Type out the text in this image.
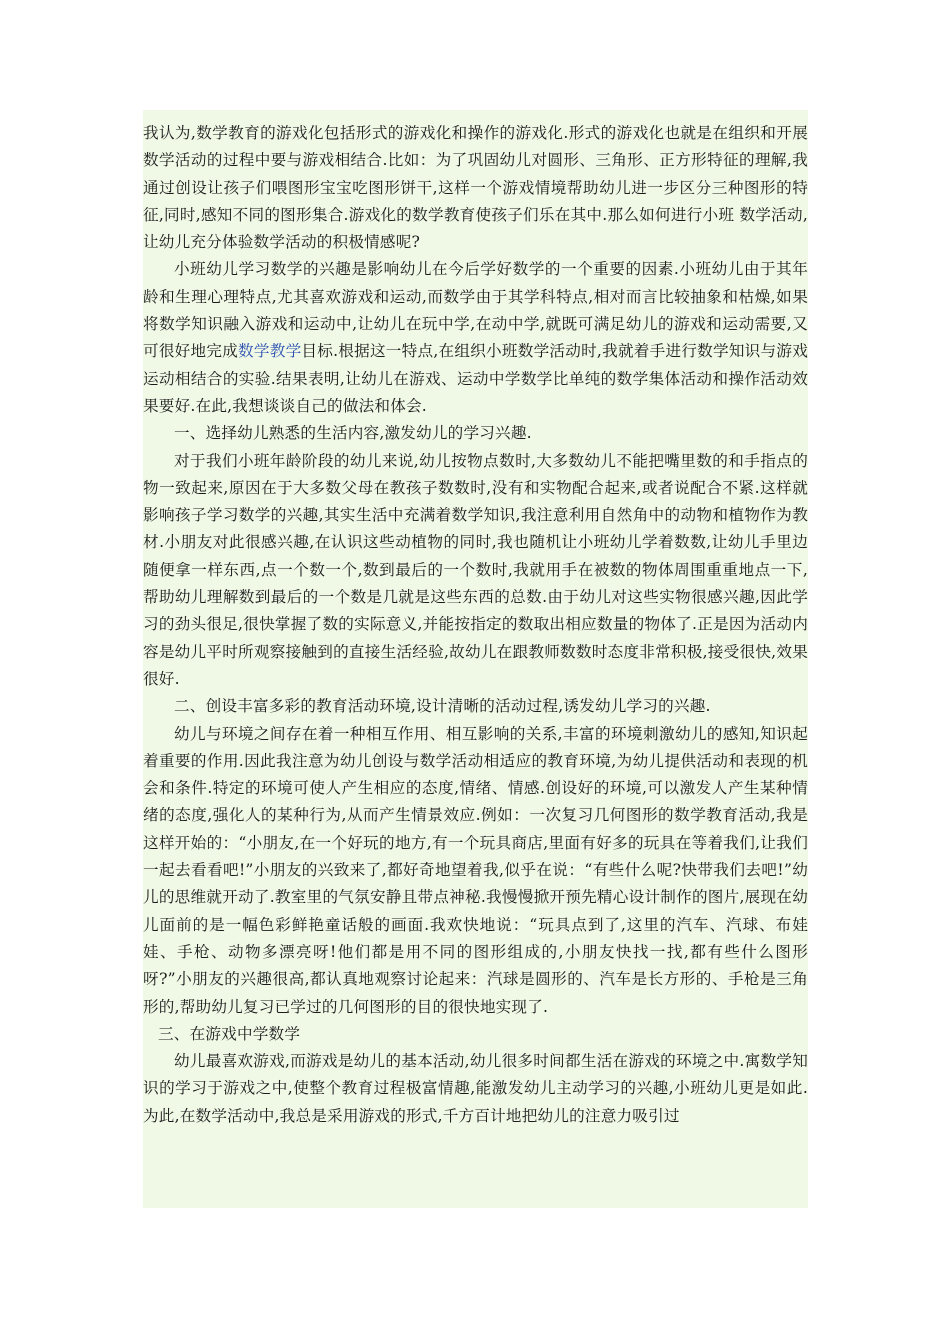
我认为,数学教育的游戏化包括形式的游戏化和操作的游戏化.形式的游戏化也就是在组织和开展数学活动的过程中要与游戏相结合.比如：为了巩固幼儿对圆形、三角形、正方形特征的理解,我通过创设让孩子们喂图形宝宝吃图形饼干,这样一个游戏情境帮助幼儿进一步区分三种图形的特征,同时,感知不同的图形集合.游戏化的数学教育使孩子们乐在其中.那么如何进行小班 数学活动,让幼儿充分体验数学活动的积极情感呢?

小班幼儿学习数学的兴趣是影响幼儿在今后学好数学的一个重要的因素.小班幼儿由于其年龄和生理心理特点,尤其喜欢游戏和运动,而数学由于其学科特点,相对而言比较抽象和枯燥,如果将数学知识融入游戏和运动中,让幼儿在玩中学,在动中学,就既可满足幼儿的游戏和运动需要,又可很好地完成数学教学目标.根据这一特点,在组织小班数学活动时,我就着手进行数学知识与游戏运动相结合的实验.结果表明,让幼儿在游戏、运动中学数学比单纯的数学集体活动和操作活动效果要好.在此,我想谈谈自己的做法和体会.

一、选择幼儿熟悉的生活内容,激发幼儿的学习兴趣.

对于我们小班年龄阶段的幼儿来说,幼儿按物点数时,大多数幼儿不能把嘴里数的和手指点的物一致起来,原因在于大多数父母在教孩子数数时,没有和实物配合起来,或者说配合不紧.这样就影响孩子学习数学的兴趣,其实生活中充满着数学知识,我注意利用自然角中的动物和植物作为教材.小朋友对此很感兴趣,在认识这些动植物的同时,我也随机让小班幼儿学着数数,让幼儿手里边随便拿一样东西,点一个数一个,数到最后的一个数时,我就用手在被数的物体周围重重地点一下,帮助幼儿理解数到最后的一个数是几就是这些东西的总数.由于幼儿对这些实物很感兴趣,因此学习的劲头很足,很快掌握了数的实际意义,并能按指定的数取出相应数量的物体了.正是因为活动内容是幼儿平时所观察接触到的直接生活经验,故幼儿在跟教师数数时态度非常积极,接受很快,效果很好.

二、创设丰富多彩的教育活动环境,设计清晰的活动过程,诱发幼儿学习的兴趣.

幼儿与环境之间存在着一种相互作用、相互影响的关系,丰富的环境刺激幼儿的感知,知识起着重要的作用.因此我注意为幼儿创设与数学活动相适应的教育环境,为幼儿提供活动和表现的机会和条件.特定的环境可使人产生相应的态度,情绪、情感.创设好的环境,可以激发人产生某种情绪的态度,强化人的某种行为,从而产生情景效应.例如：一次复习几何图形的数学教育活动,我是这样开始的：“小朋友,在一个好玩的地方,有一个玩具商店,里面有好多的玩具在等着我们,让我们一起去看看吧!”小朋友的兴致来了,都好奇地望着我,似乎在说：“有些什么呢?快带我们去吧!”幼儿的思维就开动了.教室里的气氛安静且带点神秘.我慢慢掀开预先精心设计制作的图片,展现在幼儿面前的是一幅色彩鲜艳童话般的画面.我欢快地说：“玩具点到了,这里的汽车、汽球、布娃娃、手枪、动物多漂亮呀!他们都是用不同的图形组成的,小朋友快找一找,都有些什么图形呀?”小朋友的兴趣很高,都认真地观察讨论起来：汽球是圆形的、汽车是长方形的、手枪是三角形的,帮助幼儿复习已学过的几何图形的目的很快地实现了.

三、在游戏中学数学

幼儿最喜欢游戏,而游戏是幼儿的基本活动,幼儿很多时间都生活在游戏的环境之中.寓数学知识的学习于游戏之中,使整个教育过程极富情趣,能激发幼儿主动学习的兴趣,小班幼儿更是如此.为此,在数学活动中,我总是采用游戏的形式,千方百计地把幼儿的注意力吸引过
